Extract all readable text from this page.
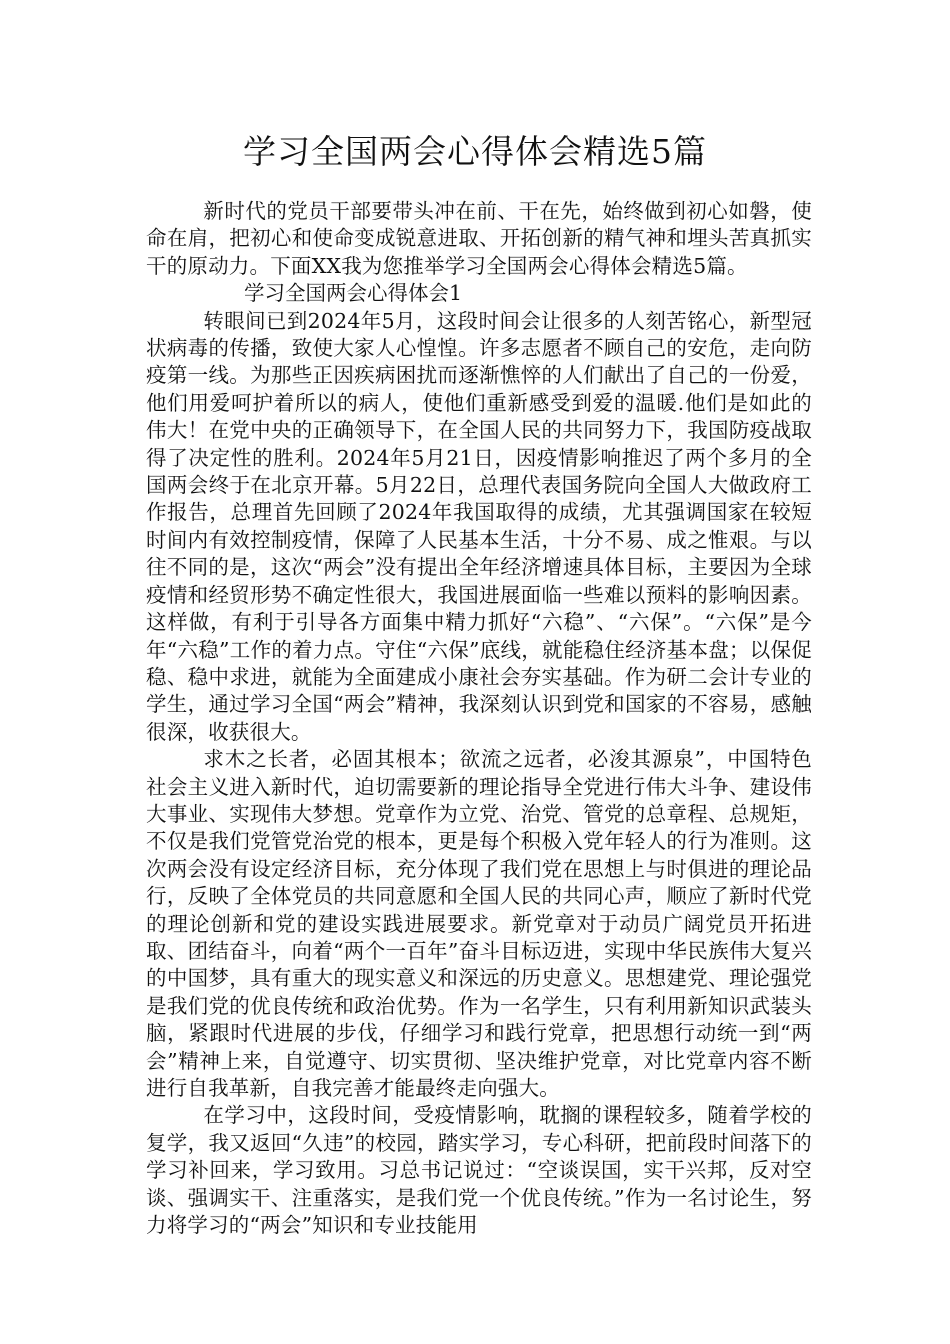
学习全国两会心得体会精选5篇

新时代的党员干部要带头冲在前、干在先，始终做到初心如磐，使命在肩，把初心和使命变成锐意进取、开拓创新的精气神和埋头苦真抓实干的原动力。下面XX我为您推举学习全国两会心得体会精选5篇。

学习全国两会心得体会1

转眼间已到2024年5月，这段时间会让很多的人刻苦铭心，新型冠状病毒的传播，致使大家人心惶惶。许多志愿者不顾自己的安危，走向防疫第一线。为那些正因疾病困扰而逐渐憔悴的人们献出了自己的一份爱，他们用爱呵护着所以的病人，使他们重新感受到爱的温暖.他们是如此的伟大！在党中央的正确领导下，在全国人民的共同努力下，我国防疫战取得了决定性的胜利。2024年5月21日，因疫情影响推迟了两个多月的全国两会终于在北京开幕。5月22日，总理代表国务院向全国人大做政府工作报告，总理首先回顾了2024年我国取得的成绩，尤其强调国家在较短时间内有效控制疫情，保障了人民基本生活，十分不易、成之惟艰。与以往不同的是，这次“两会”没有提出全年经济增速具体目标，主要因为全球疫情和经贸形势不确定性很大，我国进展面临一些难以预料的影响因素。这样做，有利于引导各方面集中精力抓好“六稳”、“六保”。“六保”是今年“六稳”工作的着力点。守住“六保”底线，就能稳住经济基本盘；以保促稳、稳中求进，就能为全面建成小康社会夯实基础。作为研二会计专业的学生，通过学习全国“两会”精神，我深刻认识到党和国家的不容易，感触很深，收获很大。

求木之长者，必固其根本；欲流之远者，必浚其源泉”，中国特色社会主义进入新时代，迫切需要新的理论指导全党进行伟大斗争、建设伟大事业、实现伟大梦想。党章作为立党、治党、管党的总章程、总规矩，不仅是我们党管党治党的根本，更是每个积极入党年轻人的行为准则。这次两会没有设定经济目标，充分体现了我们党在思想上与时俱进的理论品行，反映了全体党员的共同意愿和全国人民的共同心声，顺应了新时代党的理论创新和党的建设实践进展要求。新党章对于动员广阔党员开拓进取、团结奋斗，向着“两个一百年”奋斗目标迈进，实现中华民族伟大复兴的中国梦，具有重大的现实意义和深远的历史意义。思想建党、理论强党是我们党的优良传统和政治优势。作为一名学生，只有利用新知识武装头脑，紧跟时代进展的步伐，仔细学习和践行党章，把思想行动统一到“两会”精神上来，自觉遵守、切实贯彻、坚决维护党章，对比党章内容不断进行自我革新，自我完善才能最终走向强大。

在学习中，这段时间，受疫情影响，耽搁的课程较多，随着学校的复学，我又返回“久违”的校园，踏实学习，专心科研，把前段时间落下的学习补回来，学习致用。习总书记说过：“空谈误国，实干兴邦，反对空谈、强调实干、注重落实，是我们党一个优良传统。”作为一名讨论生，努力将学习的“两会”知识和专业技能用
